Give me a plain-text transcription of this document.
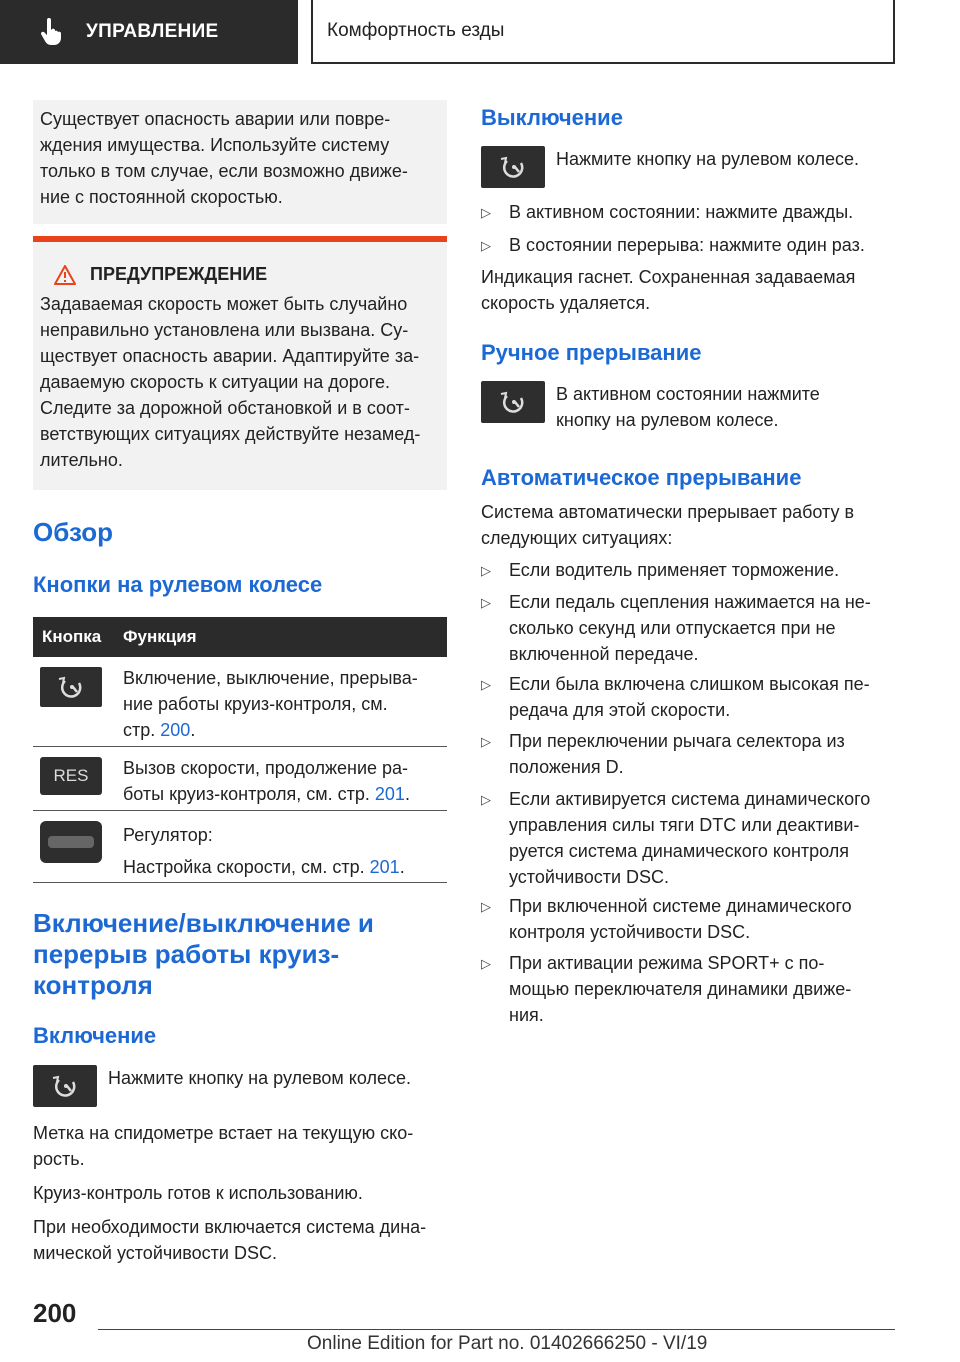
УПРАВЛЕНИЕ	Комфортность езды

Существует опасность аварии или повре‐

ждения имущества. Используйте систему

только в том случае, если возможно движе‐

ние с постоянной скоростью.

ПРЕДУПРЕЖДЕНИЕ

Задаваемая скорость может быть случайно

неправильно установлена или вызвана. Су‐

ществует опасность аварии. Адаптируйте за‐

даваемую скорость к ситуации на дороге.

Следите за дорожной обстановкой и в соот‐

ветствующих ситуациях действуйте незамед‐

лительно.

Обзор
Кнопки на рулевом колесе
Кнопка	Функция
Включение, выключение, прерыва‐
ние работы круиз-контроля, см.
стр. 200.
RES	Вызов скорости, продолжение ра‐
боты круиз-контроля, см. стр. 201.
Регулятор:
Настройка скорости, см. стр. 201.
Включение/выключение и
перерыв работы круиз-
контроля
Включение
Нажмите кнопку на рулевом колесе.

Метка на спидометре встает на текущую ско‐

рость.

Круиз-контроль готов к использованию.

При необходимости включается система дина‐

мической устойчивости DSC.

Выключение
Нажмите кнопку на рулевом колесе.
▷	В активном состоянии: нажмите дважды.
▷	В состоянии перерыва: нажмите один раз.

Индикация гаснет. Сохраненная задаваемая

скорость удаляется.

Ручное прерывание
В активном состоянии нажмите
кнопку на рулевом колесе.
Автоматическое прерывание

Система автоматически прерывает работу в

следующих ситуациях:

▷	Если водитель применяет торможение.
▷	Если педаль сцепления нажимается на не‐
сколько секунд или отпускается при не
включенной передаче.
▷	Если была включена слишком высокая пе‐
редача для этой скорости.
▷	При переключении рычага селектора из
положения D.
▷	Если активируется система динамического
управления силы тяги DTC или деактиви‐
руется система динамического контроля
устойчивости DSC.
▷	При включенной системе динамического
контроля устойчивости DSC.
▷	При активации режима SPORT+ с по‐
мощью переключателя динамики движе‐
ния.
200
Online Edition for Part no. 01402666250 - VI/19
